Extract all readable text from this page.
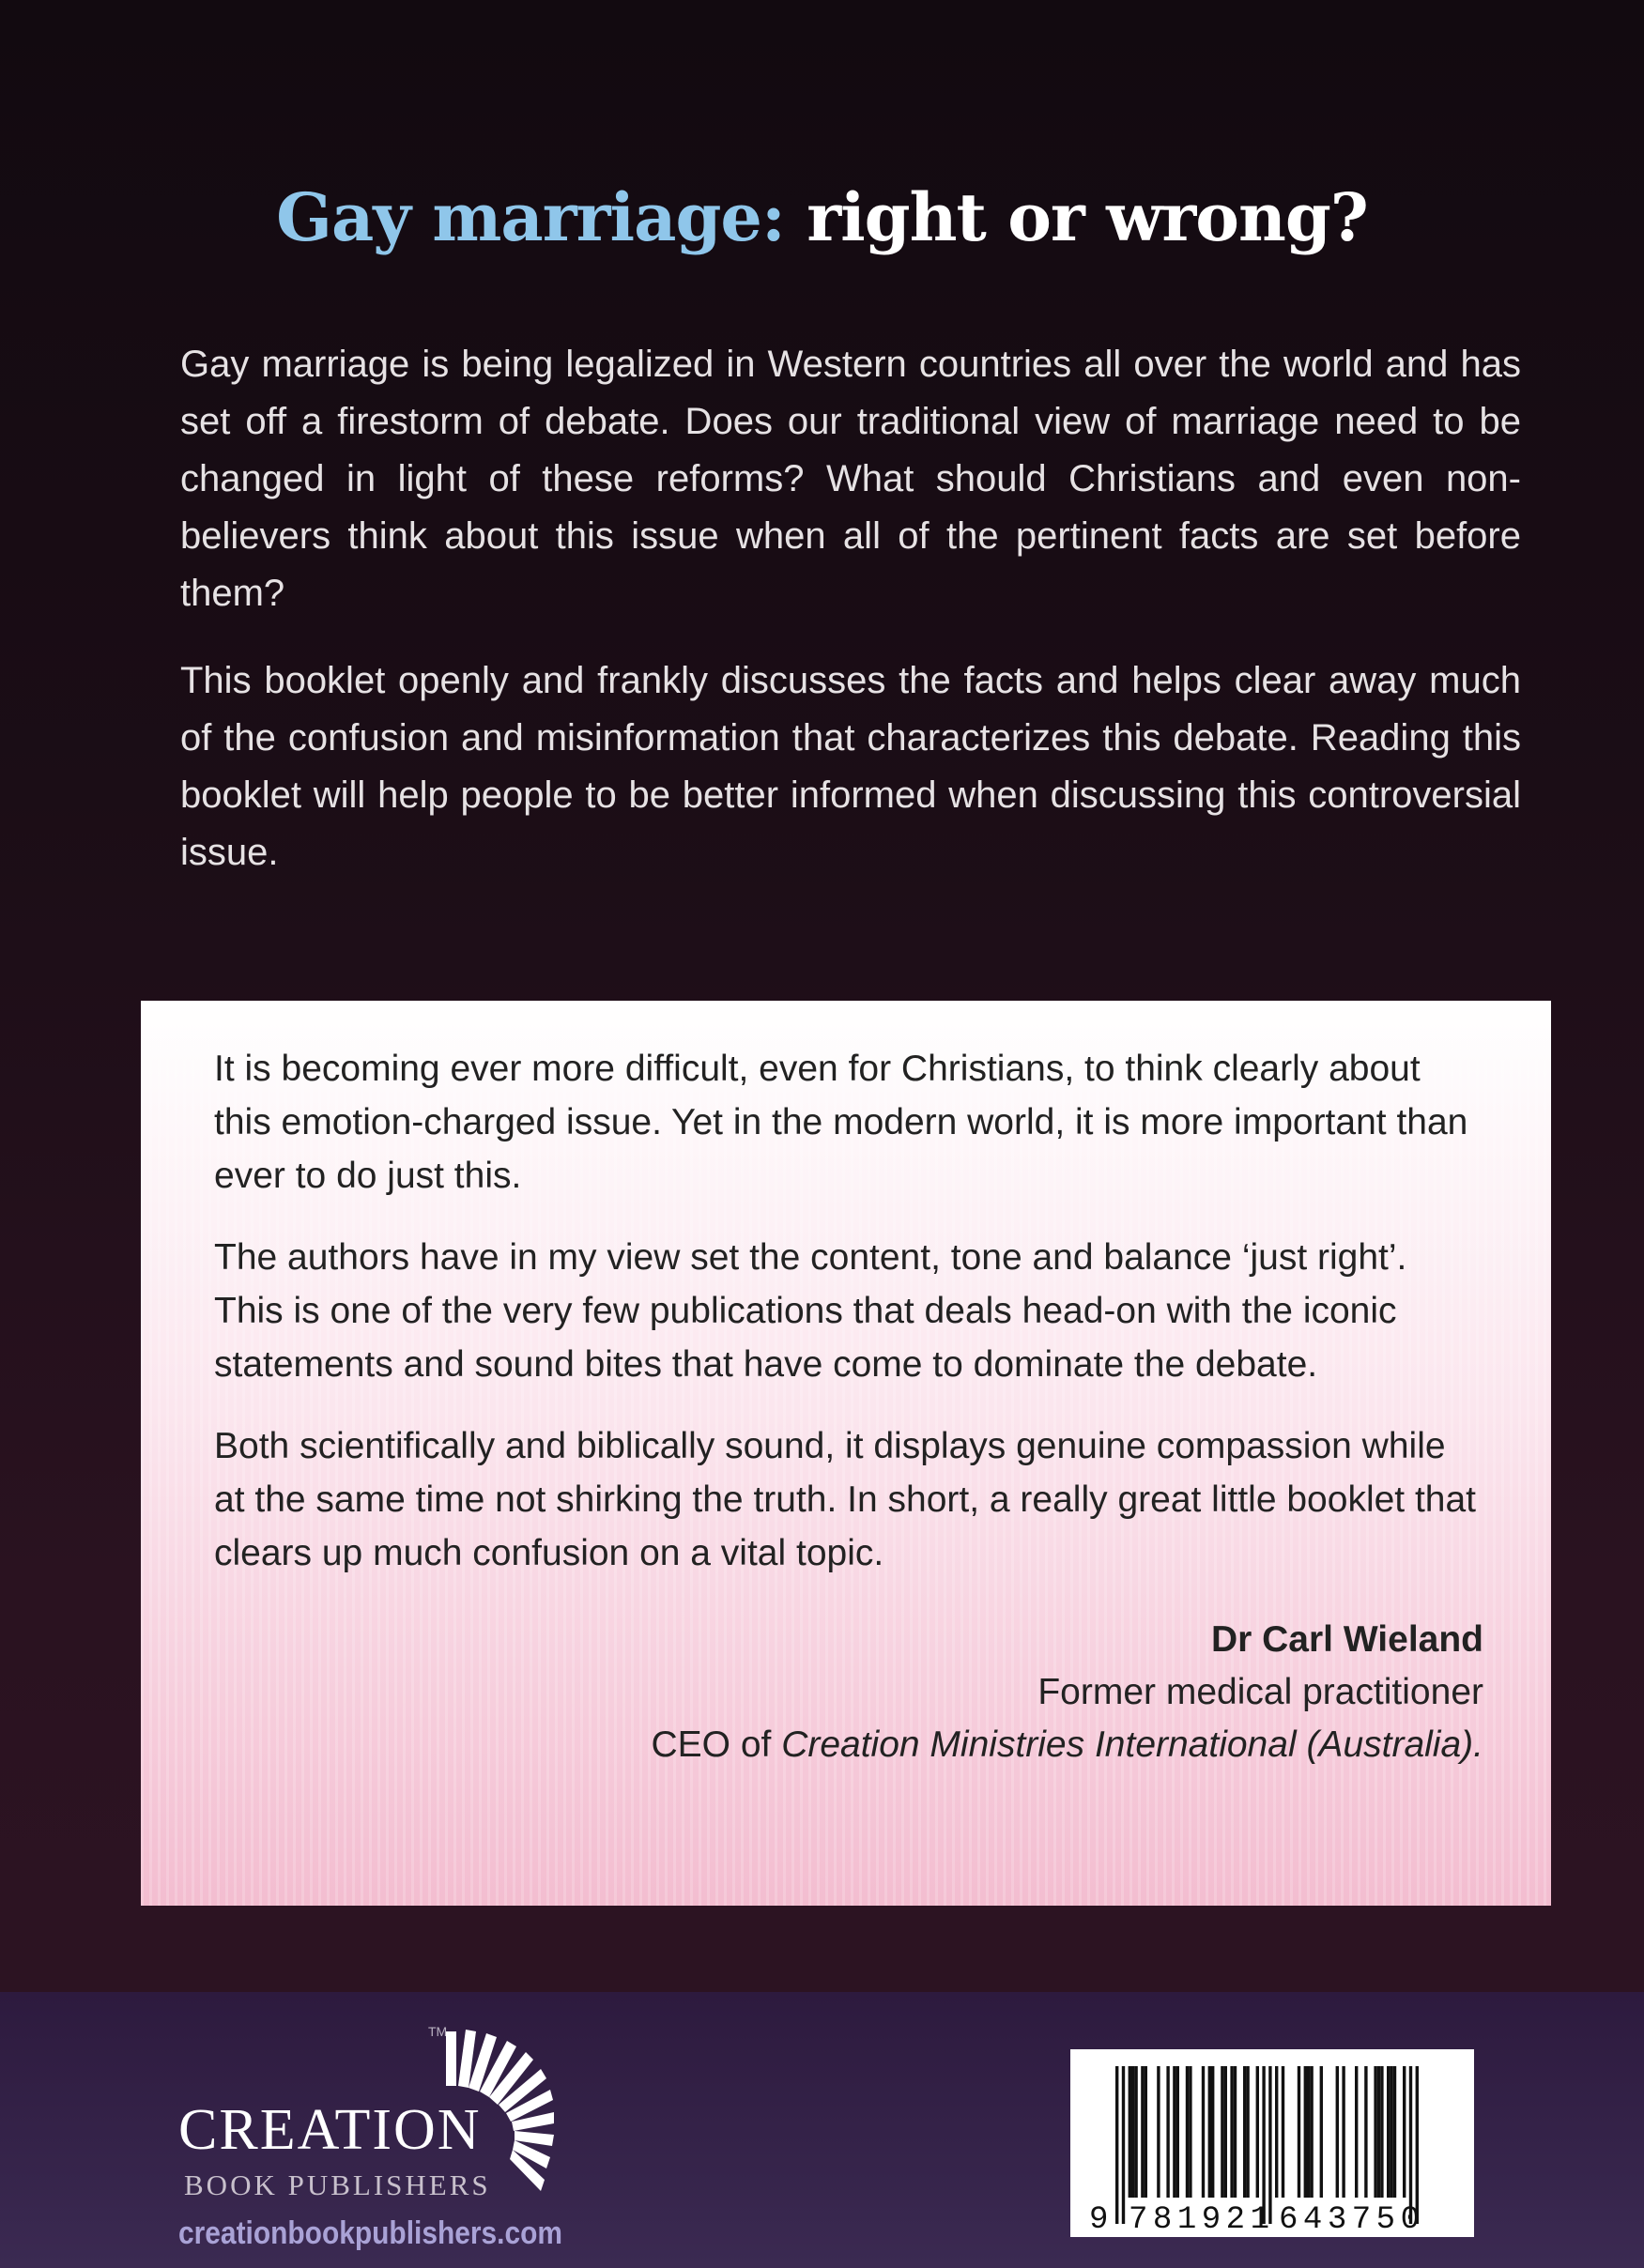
Gay marriage: right or wrong?

Gay marriage is being legalized in Western countries all over the world and has set off a firestorm of debate. Does our traditional view of marriage need to be changed in light of these reforms? What should Christians and even non-believers think about this issue when all of the pertinent facts are set before them?

This booklet openly and frankly discusses the facts and helps clear away much of the confusion and misinformation that characterizes this debate. Reading this booklet will help people to be better informed when discussing this controversial issue.

It is becoming ever more difficult, even for Christians, to think clearly about this emotion-charged issue. Yet in the modern world, it is more important than ever to do just this.

The authors have in my view set the content, tone and balance ‘just right’. This is one of the very few publications that deals head-on with the iconic statements and sound bites that have come to dominate the debate.

Both scientifically and biblically sound, it displays genuine compassion while at the same time not shirking the truth. In short, a really great little booklet that clears up much confusion on a vital topic.

Dr Carl Wieland
Former medical practitioner
CEO of Creation Ministries International (Australia).
CREATION
BOOK PUBLISHERS
TM
creationbookpublishers.com	9 781921 643750
